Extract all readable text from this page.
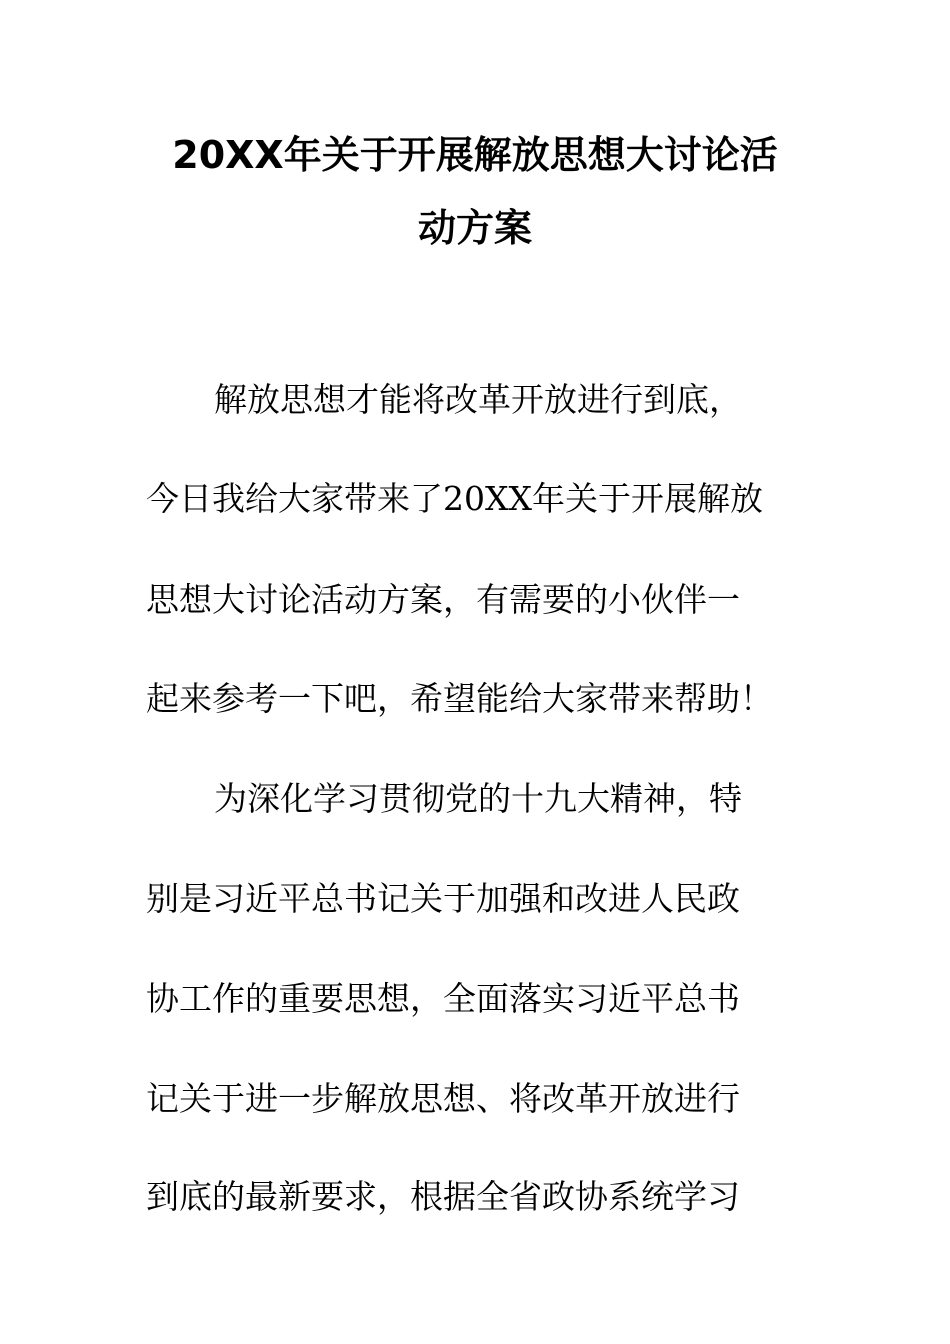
20XX年关于开展解放思想大讨论活
动方案
解放思想才能将改革开放进行到底，
今日我给大家带来了20XX年关于开展解放
思想大讨论活动方案，有需要的小伙伴一
起来参考一下吧，希望能给大家带来帮助！
为深化学习贯彻党的十九大精神，特
别是习近平总书记关于加强和改进人民政
协工作的重要思想，全面落实习近平总书
记关于进一步解放思想、将改革开放进行
到底的最新要求，根据全省政协系统学习
